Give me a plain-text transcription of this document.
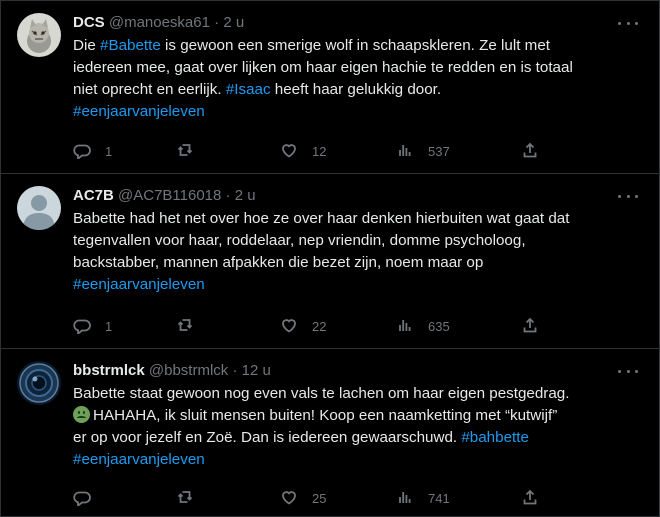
DCS @manoeska61 · 2 u
Die #Babette is gewoon een smerige wolf in schaapskleren. Ze lult met
iedereen mee, gaat over lijken om haar eigen hachie te redden en is totaal
niet oprecht en eerlijk. #Isaac heeft haar gelukkig door.
#eenjaarvanjeleven
1	12	537
AC7B @AC7B116018 · 2 u
Babette had het net over hoe ze over haar denken hierbuiten wat gaat dat
tegenvallen voor haar, roddelaar, nep vriendin, domme psycholoog,
backstabber, mannen afpakken die bezet zijn, noem maar op
#eenjaarvanjeleven
1	22	635
bbstrmlck @bbstrmlck · 12 u
Babette staat gewoon nog even vals te lachen om haar eigen pestgedrag.
HAHAHA, ik sluit mensen buiten! Koop een naamketting met “kutwijf”
er op voor jezelf en Zoë. Dan is iedereen gewaarschuwd. #bahbette
#eenjaarvanjeleven
25	741
